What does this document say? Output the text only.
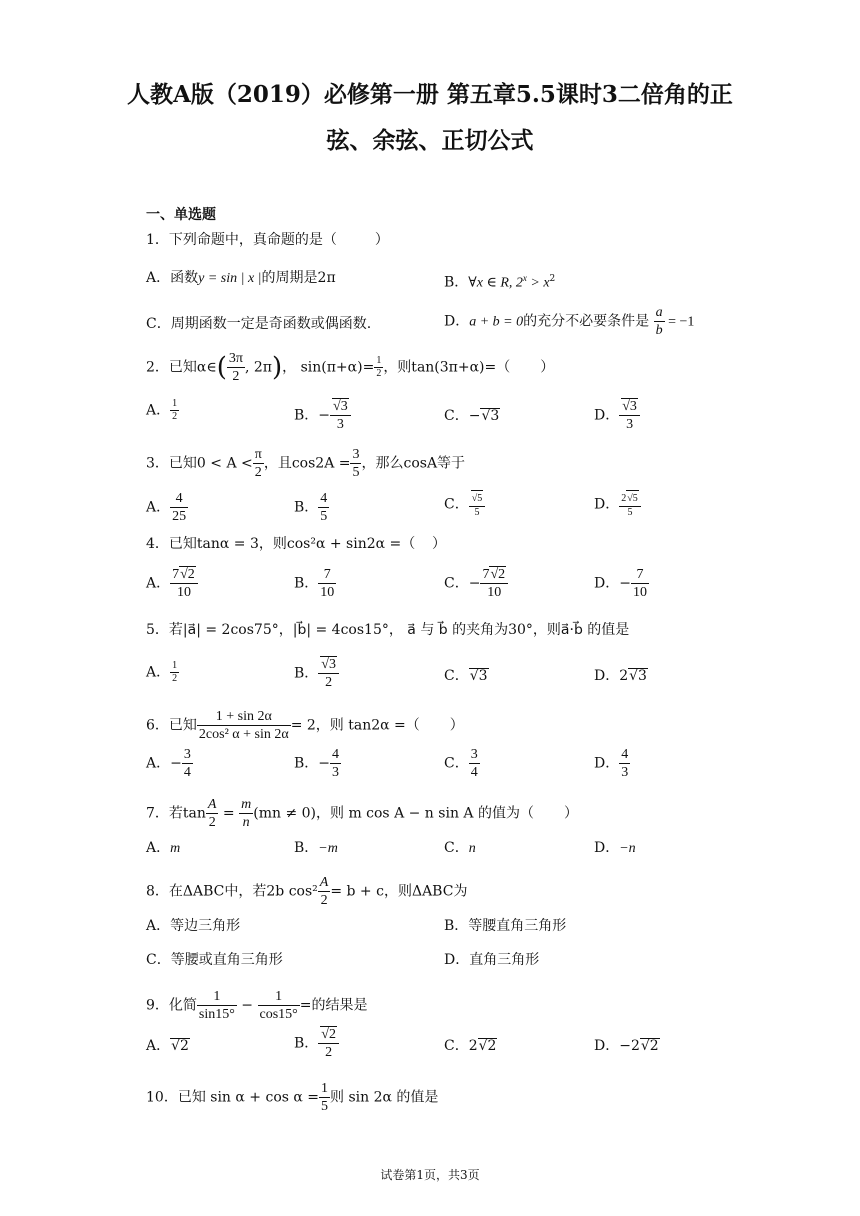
人教A版（2019）必修第一册 第五章5.5课时3二倍角的正
弦、余弦、正切公式
一、单选题
1．下列命题中，真命题的是（	）
A．函数y = sin | x |的周期是2π	B．∀x ∈ R, $2^x > x^2$
C．周期函数一定是奇函数或偶函数.	D．a + b = 0的充分不必要条件是 $\frac{a}{b} = -1$
2．已知α∈( $\frac{3\pi}{2}$ , 2π)， $\sin(\pi+\alpha)= \frac{1}{2}$ ，则tan(3π+α)=（ ）
A． $\frac{1}{2}$	B．− $\frac{√3}{3}$	C．−√3	D． $\frac{√3}{3}$
3．已知$0 < A < \frac{\pi}{2}$ ，且$\cos 2A = \frac{3}{5}$ ，那么cosA等于
A． $\frac{4}{25}$	B． $\frac{4}{5}$	C． $\frac{√5}{5}$	D． $\frac{2√5}{5}$
4．已知tanα = 3，则cos²α + sin2α =（ ）
A． $\frac{7√2}{10}$	B． $\frac{7}{10}$	C．− $\frac{7√2}{10}$	D．− $\frac{7}{10}$
5．若|a⃗| = 2cos75°，|b⃗| = 4cos15°， a⃗ 与 b⃗ 的夹角为30°，则a⃗·b⃗ 的值是
A． $\frac{1}{2}$	B． $\frac{√3}{2}$	C．√3	D．2√3
6．已知 $\frac{1 + \sin 2\alpha}{\text{2cos² α + sin 2α}} = 2$，则 tan2α =（ ）
A．− $\frac{3}{4}$	B．− $\frac{4}{3}$	C． $\frac{3}{4}$	D． $\frac{4}{3}$
7．若$\tan \frac{A}{2} = \frac{m}{n} (mn \ne 0)$，则 m cos A − n sin A 的值为（ ）
A．m	B．−m	C．n	D．−n
8．在ΔABC中，若2b $\cos^2 \frac{A}{2} = b + c$，则ΔABC为
A．等边三角形	B．等腰直角三角形
C．等腰或直角三角形	D．直角三角形
9．化简 $\frac{1}{\sin 15^\circ} - \frac{1}{\cos 15^\circ}$ =的结果是
A．√2	B． $\frac{√2}{2}$	C．2√2	D．−2√2
10．已知 $\sin \alpha + \cos \alpha = \frac{1}{5}$ 则 sin 2α 的值是
试卷第1页，共3页
